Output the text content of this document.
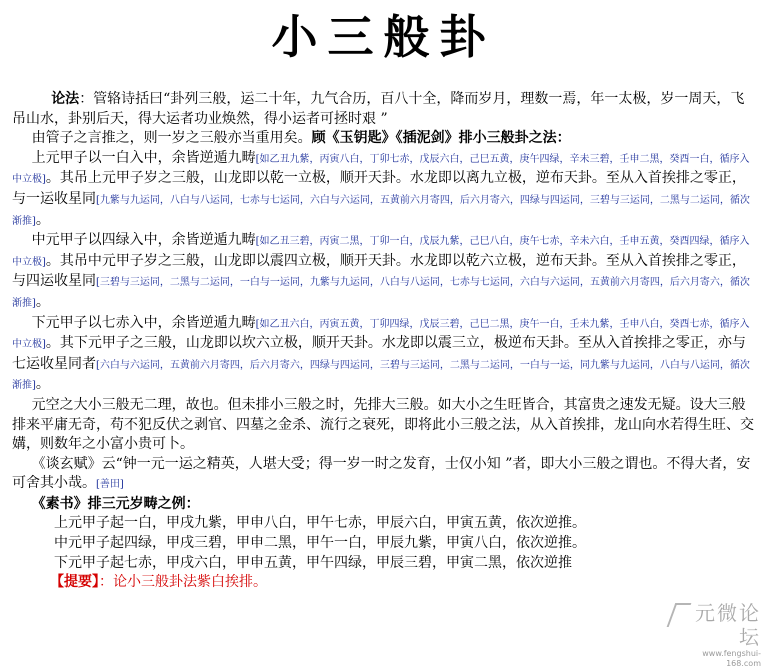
小三般卦

论法：管辂诗括曰“卦列三般，运二十年，九气合历，百八十全，降而岁月，理数一焉，年一太极，岁一周天，飞吊山水，卦别后天，得大运者功业焕然，得小运者可拯时艰 ”

由管子之言推之，则一岁之三般亦当重用矣。顾《玉钥匙》《插泥剑》排小三般卦之法：

上元甲子以一白入中，余皆逆遁九畴[如乙丑九紫，丙寅八白，丁卯七赤，戊辰六白，己巳五黄，庚午四绿，辛未三碧，壬申二黑，癸酉一白，循序入中立极]。其吊上元甲子岁之三般，山龙即以乾一立极，顺开天卦。水龙即以离九立极，逆布天卦。至从入首挨排之零正，与一运收星同[九紫与九运同，八白与八运同，七赤与七运同，六白与六运同，五黄前六月寄四，后六月寄六，四绿与四运同，三碧与三运同，二黑与二运同，循次渐推]。

中元甲子以四绿入中，余皆逆遁九畴[如乙丑三碧，丙寅二黑，丁卯一白，戊辰九紫，己巳八白，庚午七赤，辛未六白，壬申五黄，癸酉四绿，循序入中立极]。其吊中元甲子岁之三般，山龙即以震四立极，顺开天卦。水龙即以乾六立极，逆布天卦。至从入首挨排之零正，与四运收星同[三碧与三运同，二黑与二运同，一白与一运同，九紫与九运同，八白与八运同，七赤与七运同，六白与六运同，五黄前六月寄四，后六月寄六，循次渐推]。

下元甲子以七赤入中，余皆逆遁九畴[如乙丑六白，丙寅五黄，丁卯四绿，戊辰三碧，己巳二黑，庚午一白，壬未九紫，壬申八白，癸酉七赤，循序入中立极]。其下元甲子之三般，山龙即以坎六立极，顺开天卦。水龙即以震三立，极逆布天卦。至从入首挨排之零正，亦与七运收星同者[六白与六运同，五黄前六月寄四，后六月寄六，四绿与四运同，三碧与三运同，二黑与二运同，一白与一运，同九紫与九运同，八白与八运同，循次渐推]。

元空之大小三般无二理，故也。但未排小三般之时，先排大三般。如大小之生旺皆合，其富贵之速发无疑。设大三般排来平庸无奇，苟不犯反伏之剥官、四墓之金杀、流行之衰死，即将此小三般之法，从入首挨排，龙山向水若得生旺、交媾，则数年之小富小贵可卜。

《谈玄赋》云“钟一元一运之精英，人堪大受；得一岁一时之发育，士仅小知 ”者，即大小三般之谓也。不得大者，安可舍其小哉。[善田]

《素书》排三元岁畴之例：

上元甲子起一白，甲戌九紫，甲申八白，甲午七赤，甲辰六白，甲寅五黄，依次逆推。
中元甲子起四绿，甲戌三碧，甲申二黑，甲午一白，甲辰九紫，甲寅八白，依次逆推。
下元甲子起七赤，甲戌六白，甲申五黄，甲午四绿，甲辰三碧，甲寅二黑，依次逆推
【提要】：论小三般卦法紫白挨排。
元微论坛
www.fengshui-168.com
